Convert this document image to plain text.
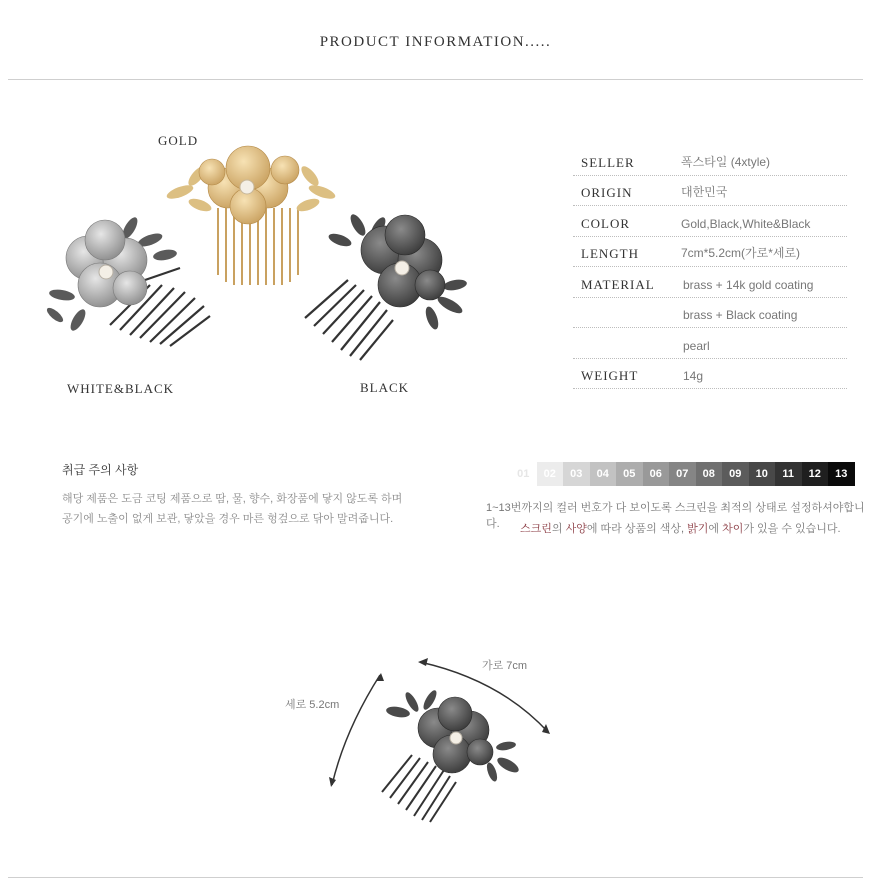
PRODUCT INFORMATION.....
GOLD
WHITE&BLACK	BLACK
SELLER	폭스타일 (4xtyle)
ORIGIN	대한민국
COLOR	Gold,Black,White&Black
LENGTH	7cm*5.2cm(가로*세로)
MATERIAL brass + 14k gold coating
brass + Black coating
pearl
WEIGHT	14g
취급 주의 사항
해당 제품은 도금 코팅 제품으로 땀, 물, 향수, 화장품에 닿지 않도록 하며
공기에 노출이 없게 보관, 닿았을 경우 마른 헝겊으로 닦아 말려줍니다.
01	02	03	04	05	06	07	08	09	10	11	12	13
1~13번까지의 컬러 번호가 다 보이도록 스크린을 최적의 상태로 설정하셔야합니다.	스크린의 사양에 따라 상품의 색상, 밝기에 차이가 있을 수 있습니다.
가로 7cm
세로 5.2cm
